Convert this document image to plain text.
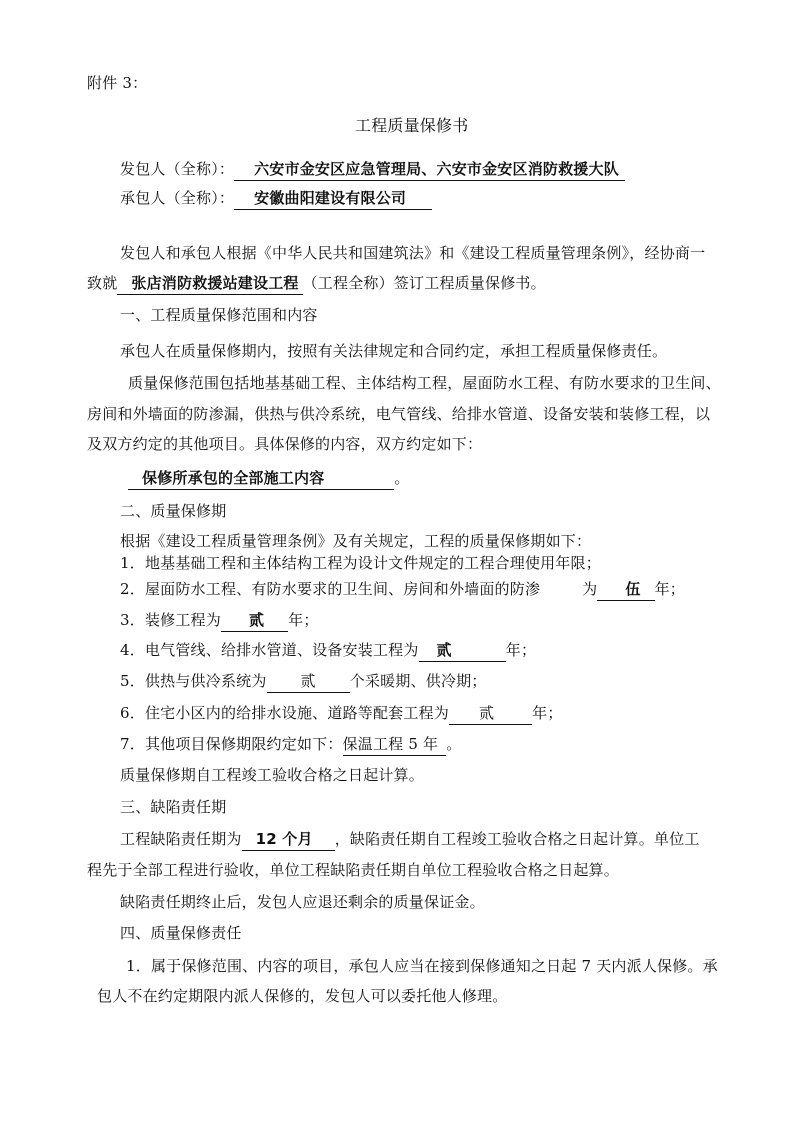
附件 3：
工程质量保修书
发包人（全称）： 六安市金安区应急管理局、六安市金安区消防救援大队
承包人（全称）： 安徽曲阳建设有限公司
发包人和承包人根据《中华人民共和国建筑法》和《建设工程质量管理条例》，经协商一
致就 张店消防救援站建设工程 （工程全称）签订工程质量保修书。
一、工程质量保修范围和内容
承包人在质量保修期内，按照有关法律规定和合同约定，承担工程质量保修责任。
质量保修范围包括地基基础工程、主体结构工程，屋面防水工程、有防水要求的卫生间、
房间和外墙面的防渗漏，供热与供冷系统，电气管线、给排水管道、设备安装和装修工程，以
及双方约定的其他项目。具体保修的内容，双方约定如下：
保修所承包的全部施工内容	。
二、质量保修期
根据《建设工程质量管理条例》及有关规定，工程的质量保修期如下：
1．地基基础工程和主体结构工程为设计文件规定的工程合理使用年限；
2．屋面防水工程、有防水要求的卫生间、房间和外墙面的防渗	为 伍 年；
3．装修工程为 贰 年；
4．电气管线、给排水管道、设备安装工程为 贰	年；
5．供热与供冷系统为 贰 个采暖期、供冷期；
6．住宅小区内的给排水设施、道路等配套工程为 贰	年；
7．其他项目保修期限约定如下：保温工程 5 年 。
质量保修期自工程竣工验收合格之日起计算。
三、缺陷责任期
工程缺陷责任期为 12 个月 ，缺陷责任期自工程竣工验收合格之日起计算。单位工
程先于全部工程进行验收，单位工程缺陷责任期自单位工程验收合格之日起算。
缺陷责任期终止后，发包人应退还剩余的质量保证金。
四、质量保修责任
1．属于保修范围、内容的项目，承包人应当在接到保修通知之日起 7 天内派人保修。承
包人不在约定期限内派人保修的，发包人可以委托他人修理。
